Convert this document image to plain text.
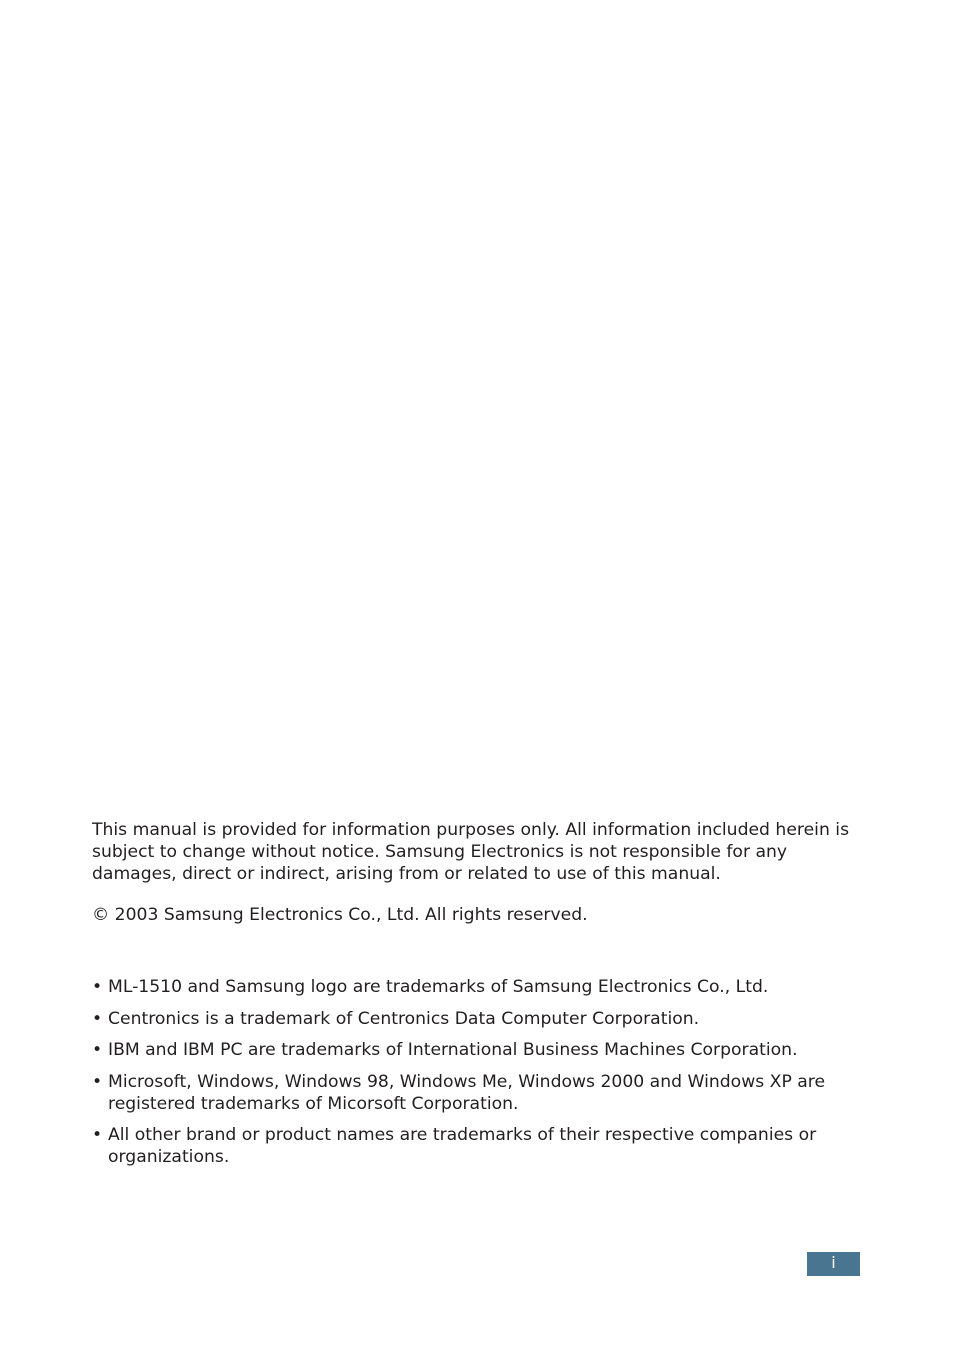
This manual is provided for information purposes only. All information included herein is subject to change without notice. Samsung Electronics is not responsible for any damages, direct or indirect, arising from or related to use of this manual.

© 2003 Samsung Electronics Co., Ltd. All rights reserved.

• ML-1510 and Samsung logo are trademarks of Samsung Electronics Co., Ltd.
• Centronics is a trademark of Centronics Data Computer Corporation.
• IBM and IBM PC are trademarks of International Business Machines Corporation.
• Microsoft, Windows, Windows 98, Windows Me, Windows 2000 and Windows XP are registered trademarks of Micorsoft Corporation.
• All other brand or product names are trademarks of their respective companies or organizations.
i
